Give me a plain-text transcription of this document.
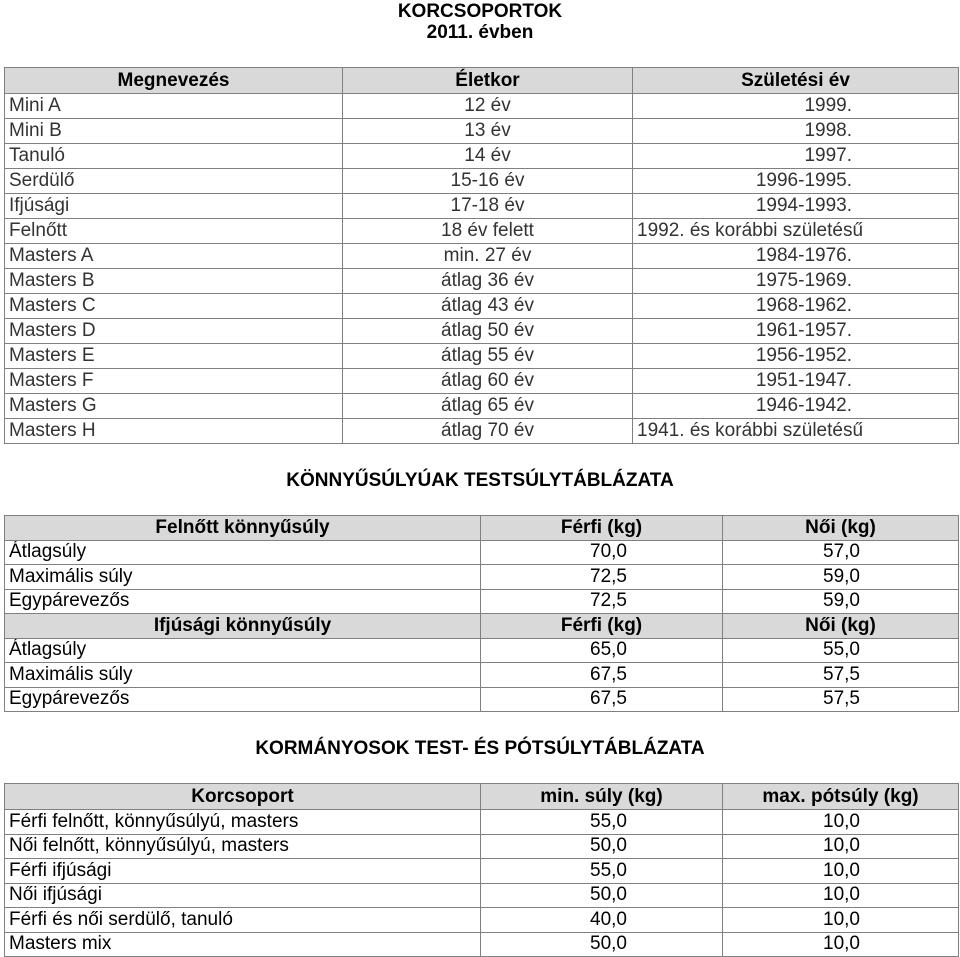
KORCSOPORTOK
2011. évben
Megnevezés	Életkor	Születési év
Mini A	12 év	1999.
Mini B	13 év	1998.
Tanuló	14 év	1997.
Serdülő	15-16 év	1996-1995.
Ifjúsági	17-18 év	1994-1993.
Felnőtt	18 év felett	1992. és korábbi születésű
Masters A	min. 27 év	1984-1976.
Masters B	átlag 36 év	1975-1969.
Masters C	átlag 43 év	1968-1962.
Masters D	átlag 50 év	1961-1957.
Masters E	átlag 55 év	1956-1952.
Masters F	átlag 60 év	1951-1947.
Masters G	átlag 65 év	1946-1942.
Masters H	átlag 70 év	1941. és korábbi születésű
KÖNNYŰSÚLYÚAK TESTSÚLYTÁBLÁZATA
Felnőtt könnyűsúly	Férfi (kg)	Női (kg)
Átlagsúly	70,0	57,0
Maximális súly	72,5	59,0
Egypárevezős	72,5	59,0
Ifjúsági könnyűsúly	Férfi (kg)	Női (kg)
Átlagsúly	65,0	55,0
Maximális súly	67,5	57,5
Egypárevezős	67,5	57,5
KORMÁNYOSOK TEST- ÉS PÓTSÚLYTÁBLÁZATA
Korcsoport	min. súly (kg)	max. pótsúly (kg)
Férfi felnőtt, könnyűsúlyú, masters	55,0	10,0
Női felnőtt, könnyűsúlyú, masters	50,0	10,0
Férfi ifjúsági	55,0	10,0
Női ifjúsági	50,0	10,0
Férfi és női serdülő, tanuló	40,0	10,0
Masters mix	50,0	10,0
